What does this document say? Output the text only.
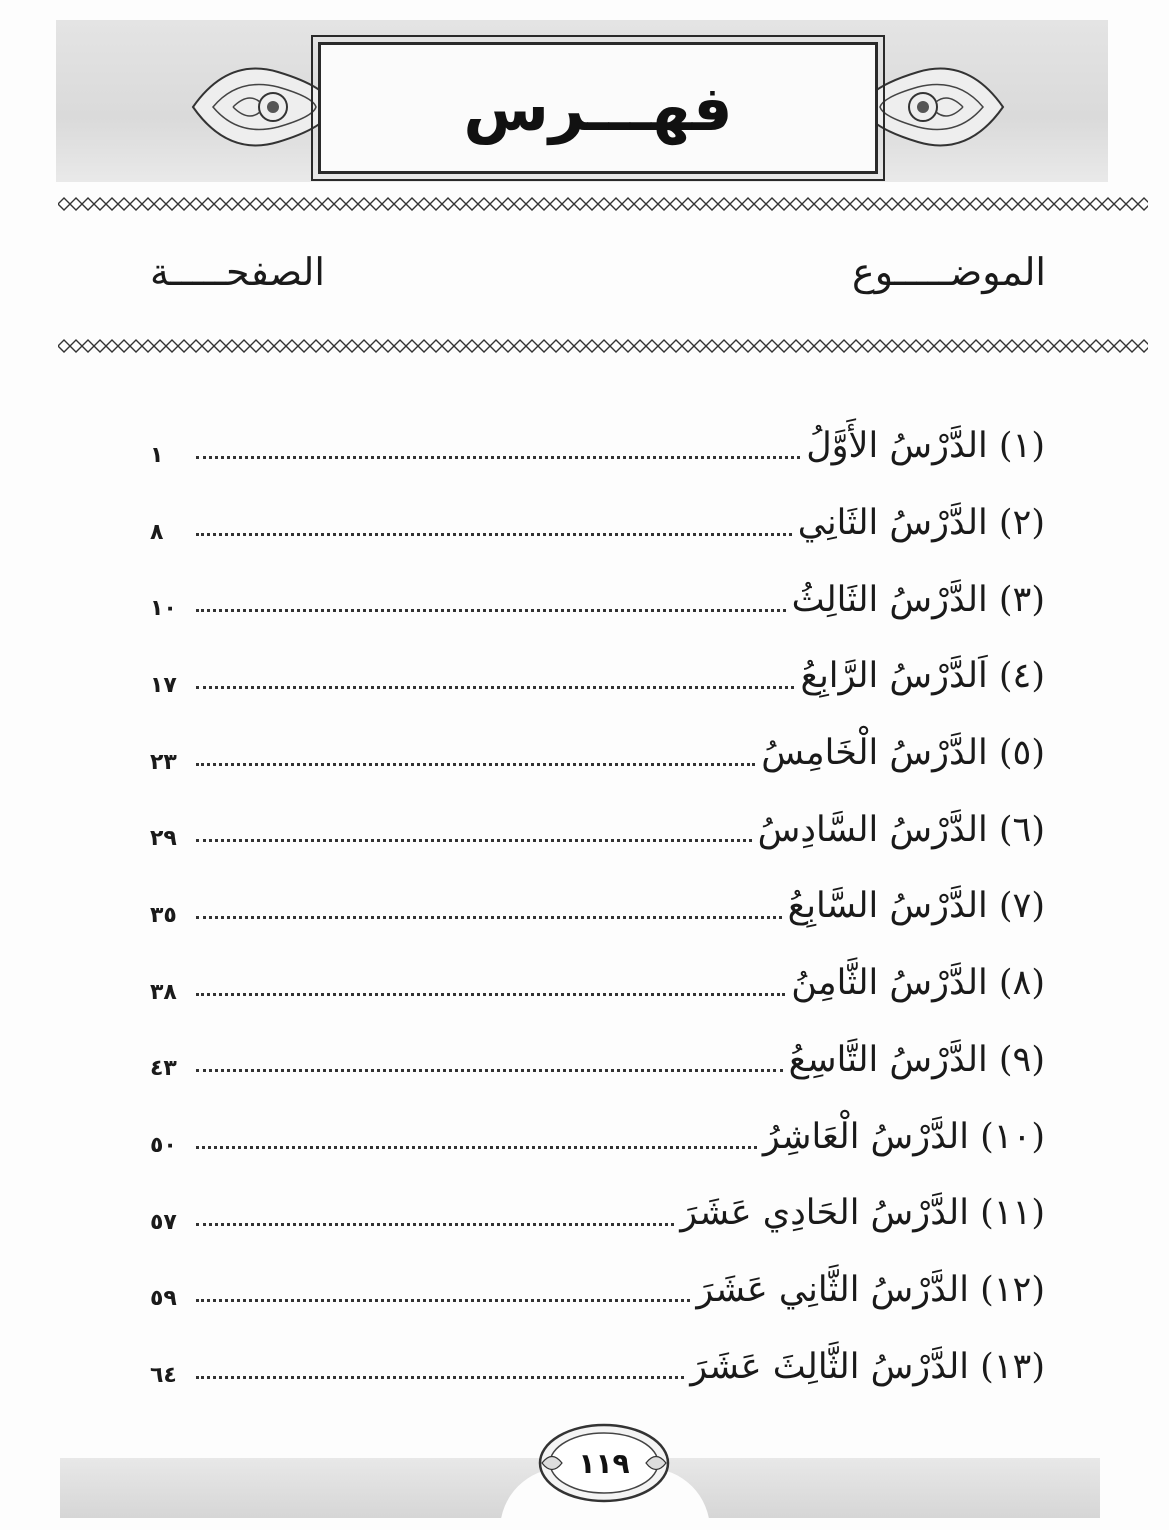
فهـــرس
الموضـــــوع
الصفحـــــة
(١) الدَّرْسُ الأَوَّلُ
١
(٢) الدَّرْسُ الثَانِي
٨
(٣) الدَّرْسُ الثَالِثُ
١٠
(٤) اَلدَّرْسُ الرَّابِعُ
١٧
(٥) الدَّرْسُ الْخَامِسُ
٢٣
(٦) الدَّرْسُ السَّادِسُ
٢٩
(٧) الدَّرْسُ السَّابِعُ
٣٥
(٨) الدَّرْسُ الثَّامِنُ
٣٨
(٩) الدَّرْسُ التَّاسِعُ
٤٣
(١٠) الدَّرْسُ الْعَاشِرُ
٥٠
(١١) الدَّرْسُ الحَادِي عَشَرَ
٥٧
(١٢) الدَّرْسُ الثَّانِي عَشَرَ
٥٩
(١٣) الدَّرْسُ الثَّالِثَ عَشَرَ
٦٤
١١٩
